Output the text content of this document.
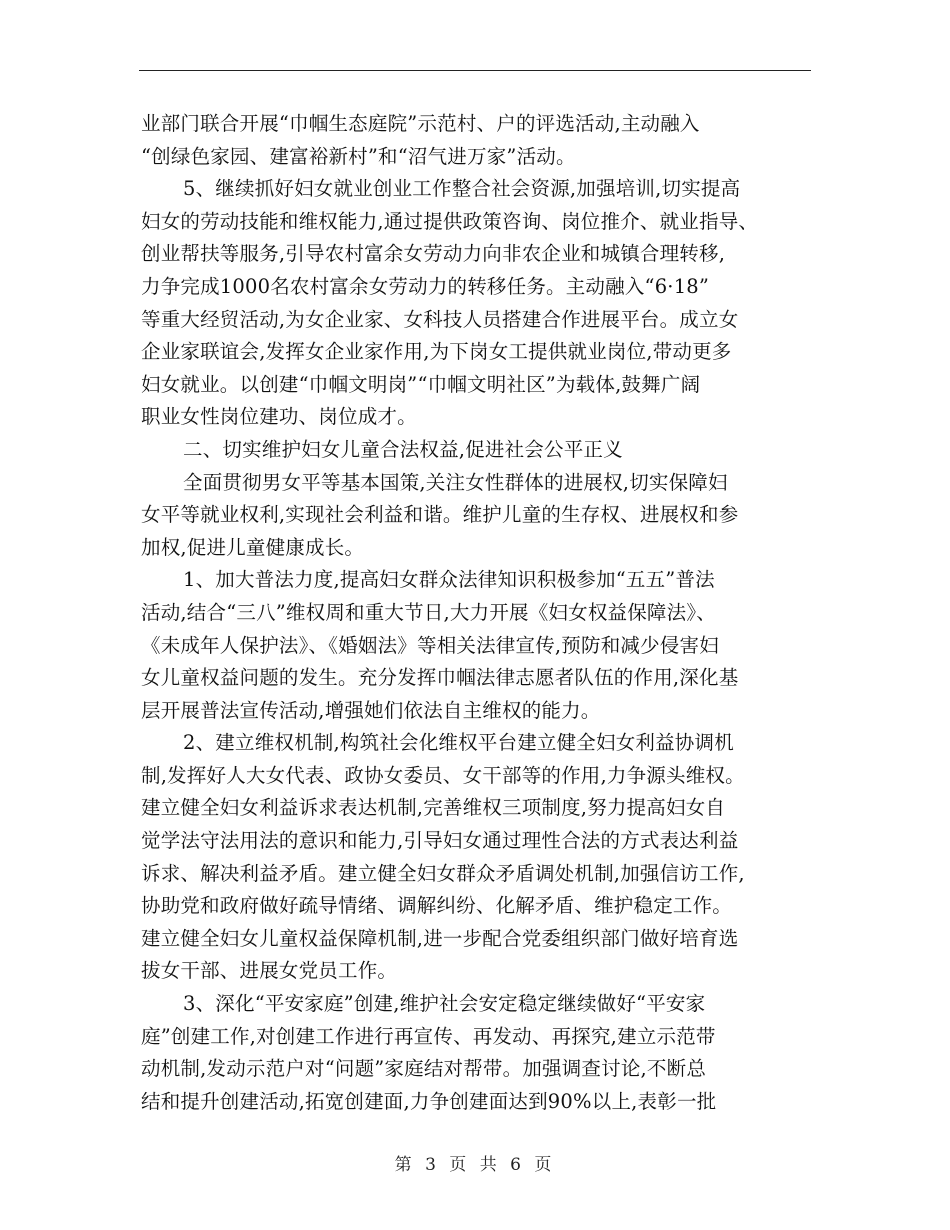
业部门联合开展“巾帼生态庭院”示范村、户的评选活动,主动融入
“创绿色家园、建富裕新村”和“沼气进万家”活动。
5、继续抓好妇女就业创业工作整合社会资源,加强培训,切实提高
妇女的劳动技能和维权能力,通过提供政策咨询、岗位推介、就业指导、
创业帮扶等服务,引导农村富余女劳动力向非农企业和城镇合理转移,
力争完成1000名农村富余女劳动力的转移任务。主动融入“6·18”
等重大经贸活动,为女企业家、女科技人员搭建合作进展平台。成立女
企业家联谊会,发挥女企业家作用,为下岗女工提供就业岗位,带动更多
妇女就业。以创建“巾帼文明岗”“巾帼文明社区”为载体,鼓舞广阔
职业女性岗位建功、岗位成才。
二、切实维护妇女儿童合法权益,促进社会公平正义
全面贯彻男女平等基本国策,关注女性群体的进展权,切实保障妇
女平等就业权利,实现社会利益和谐。维护儿童的生存权、进展权和参
加权,促进儿童健康成长。
1、加大普法力度,提高妇女群众法律知识积极参加“五五”普法
活动,结合“三八”维权周和重大节日,大力开展《妇女权益保障法》、
《未成年人保护法》、《婚姻法》等相关法律宣传,预防和减少侵害妇
女儿童权益问题的发生。充分发挥巾帼法律志愿者队伍的作用,深化基
层开展普法宣传活动,增强她们依法自主维权的能力。
2、建立维权机制,构筑社会化维权平台建立健全妇女利益协调机
制,发挥好人大女代表、政协女委员、女干部等的作用,力争源头维权。
建立健全妇女利益诉求表达机制,完善维权三项制度,努力提高妇女自
觉学法守法用法的意识和能力,引导妇女通过理性合法的方式表达利益
诉求、解决利益矛盾。建立健全妇女群众矛盾调处机制,加强信访工作,
协助党和政府做好疏导情绪、调解纠纷、化解矛盾、维护稳定工作。
建立健全妇女儿童权益保障机制,进一步配合党委组织部门做好培育选
拔女干部、进展女党员工作。
3、深化“平安家庭”创建,维护社会安定稳定继续做好“平安家
庭”创建工作,对创建工作进行再宣传、再发动、再探究,建立示范带
动机制,发动示范户对“问题”家庭结对帮带。加强调查讨论,不断总
结和提升创建活动,拓宽创建面,力争创建面达到90%以上,表彰一批
第 3 页 共 6 页
